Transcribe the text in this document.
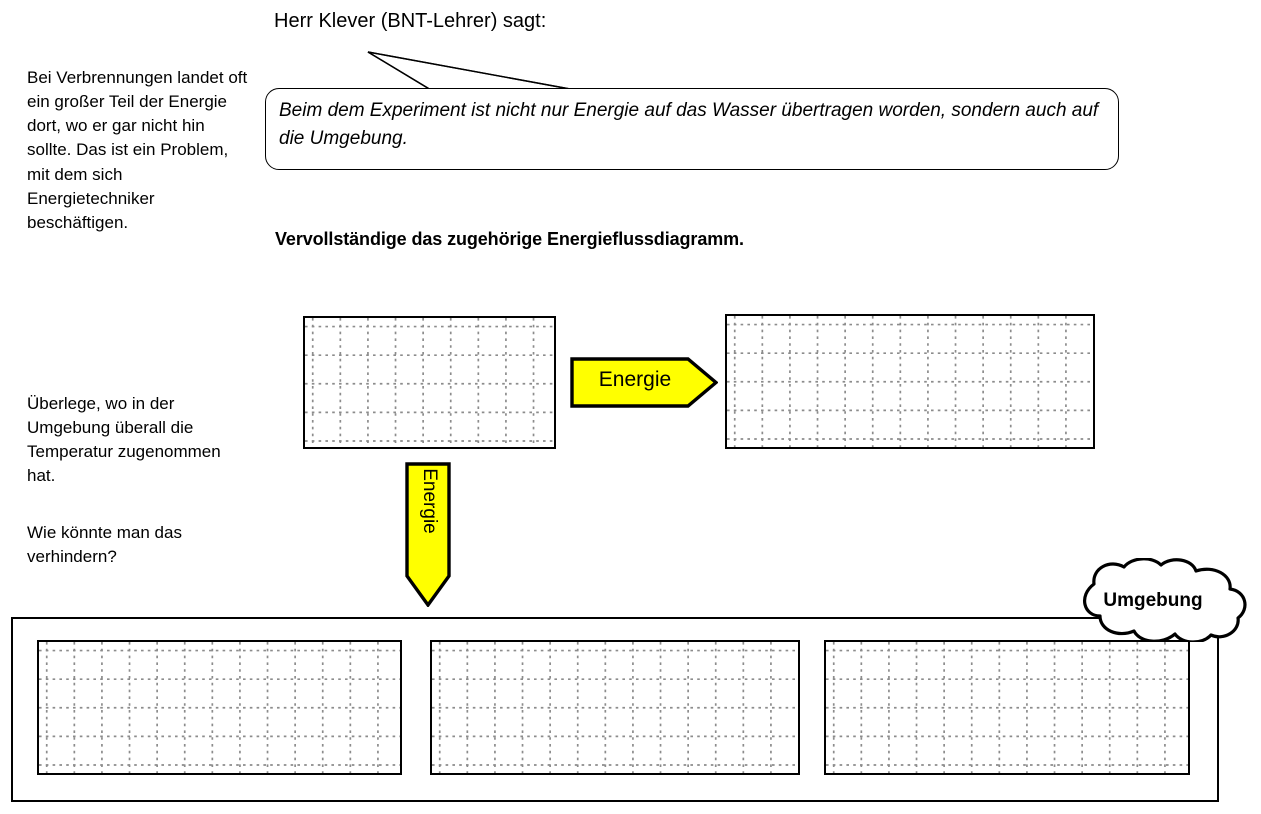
Bei Verbrennungen landet oft ein großer Teil der Energie dort, wo er gar nicht hin sollte. Das ist ein Problem, mit dem sich Energietechniker beschäftigen.
Überlege, wo in der Umgebung überall die Temperatur zugenommen hat.
Wie könnte man das verhindern?
Herr Klever (BNT-Lehrer) sagt:
Beim dem Experiment ist nicht nur Energie auf das Wasser übertragen worden, sondern auch auf die Umgebung.
Vervollständige das zugehörige Energieflussdiagramm.
Energie
Energie
Umgebung
